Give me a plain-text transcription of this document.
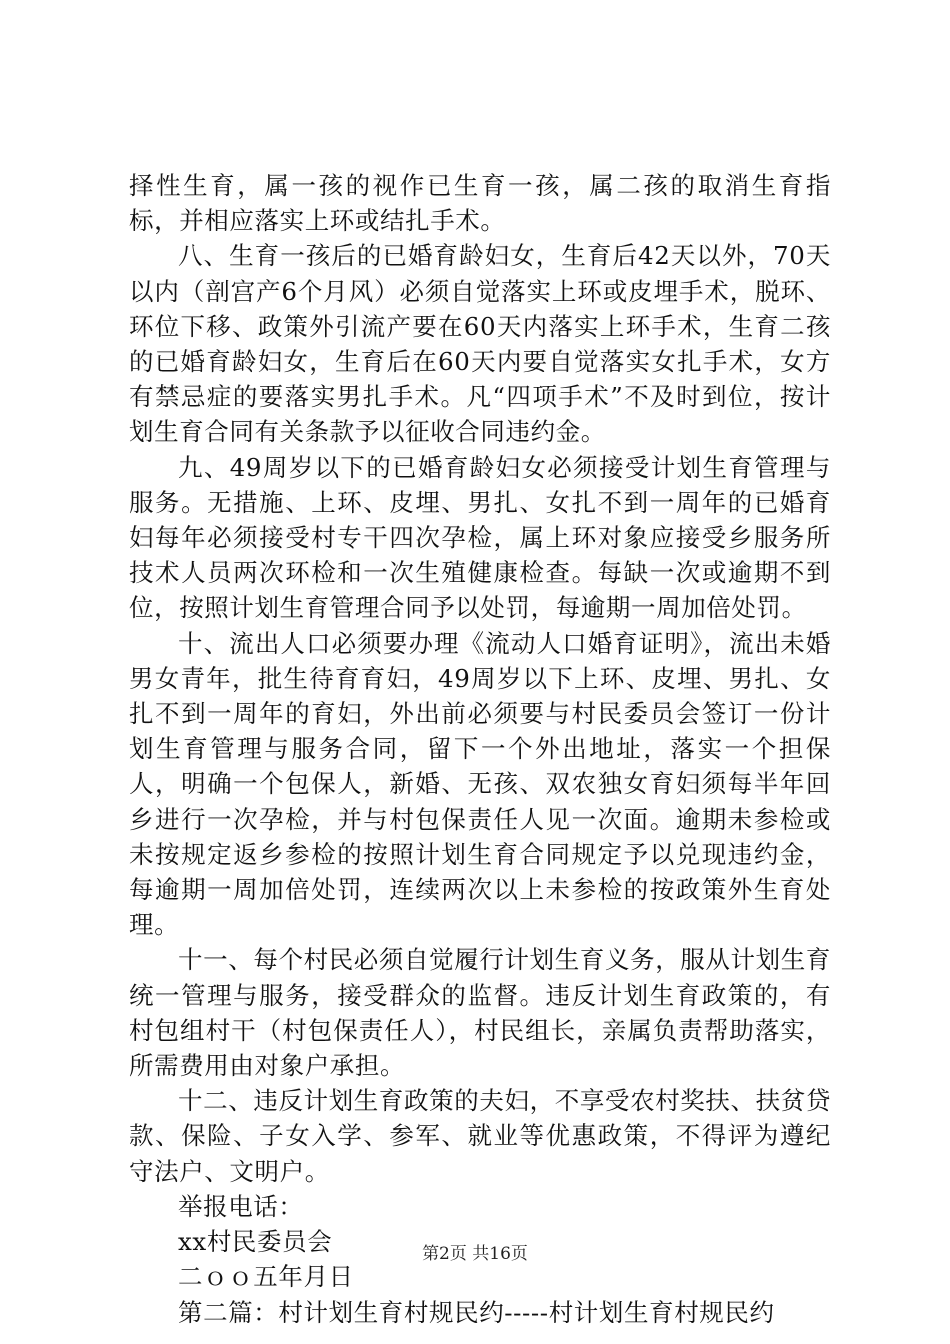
择性生育，属一孩的视作已生育一孩，属二孩的取消生育指标，并相应落实上环或结扎手术。

八、生育一孩后的已婚育龄妇女，生育后42天以外，70天以内（剖宫产6个月风）必须自觉落实上环或皮埋手术，脱环、环位下移、政策外引流产要在60天内落实上环手术，生育二孩的已婚育龄妇女，生育后在60天内要自觉落实女扎手术，女方有禁忌症的要落实男扎手术。凡“四项手术”不及时到位，按计划生育合同有关条款予以征收合同违约金。

九、49周岁以下的已婚育龄妇女必须接受计划生育管理与服务。无措施、上环、皮埋、男扎、女扎不到一周年的已婚育妇每年必须接受村专干四次孕检，属上环对象应接受乡服务所技术人员两次环检和一次生殖健康检查。每缺一次或逾期不到位，按照计划生育管理合同予以处罚，每逾期一周加倍处罚。

十、流出人口必须要办理《流动人口婚育证明》，流出未婚男女青年，批生待育育妇，49周岁以下上环、皮埋、男扎、女扎不到一周年的育妇，外出前必须要与村民委员会签订一份计划生育管理与服务合同，留下一个外出地址，落实一个担保人，明确一个包保人，新婚、无孩、双农独女育妇须每半年回乡进行一次孕检，并与村包保责任人见一次面。逾期未参检或未按规定返乡参检的按照计划生育合同规定予以兑现违约金，每逾期一周加倍处罚，连续两次以上未参检的按政策外生育处理。

十一、每个村民必须自觉履行计划生育义务，服从计划生育统一管理与服务，接受群众的监督。违反计划生育政策的，有村包组村干（村包保责任人），村民组长，亲属负责帮助落实，所需费用由对象户承担。

十二、违反计划生育政策的夫妇，不享受农村奖扶、扶贫贷款、保险、子女入学、参军、就业等优惠政策，不得评为遵纪守法户、文明户。

举报电话：

xx村民委员会

二ｏｏ五年月日

第二篇：村计划生育村规民约-----村计划生育村规民约

第2页 共16页
